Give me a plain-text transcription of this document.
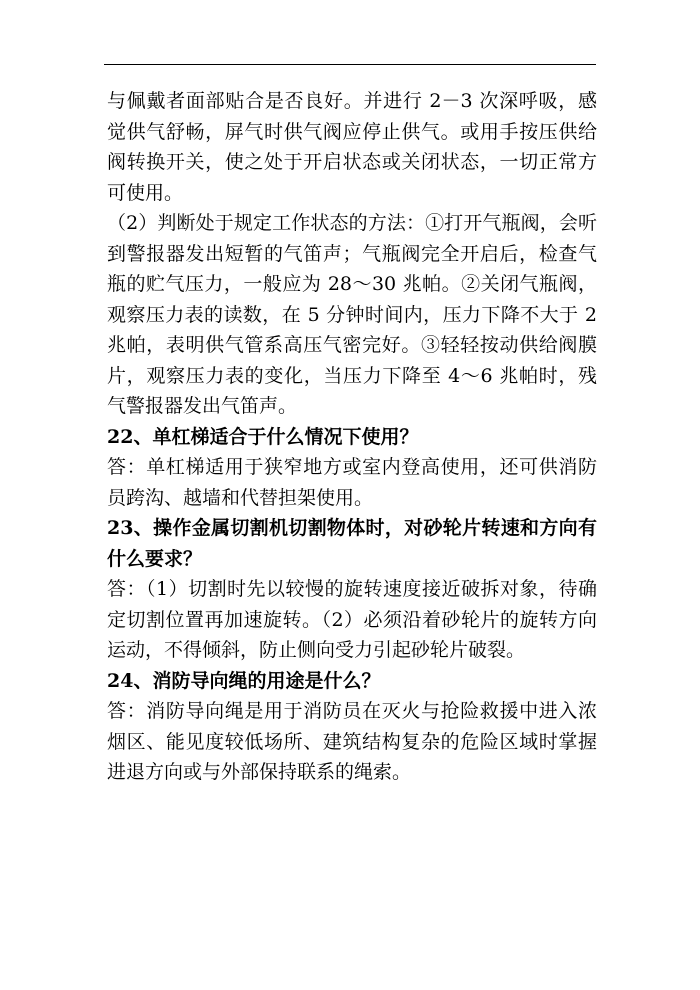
与佩戴者面部贴合是否良好。并进行 2－3 次深呼吸，感觉供气舒畅，屏气时供气阀应停止供气。或用手按压供给阀转换开关，使之处于开启状态或关闭状态，一切正常方可使用。

（2）判断处于规定工作状态的方法：①打开气瓶阀，会听到警报器发出短暂的气笛声；气瓶阀完全开启后，检查气瓶的贮气压力，一般应为 28～30 兆帕。②关闭气瓶阀，观察压力表的读数，在 5 分钟时间内，压力下降不大于 2 兆帕，表明供气管系高压气密完好。③轻轻按动供给阀膜片，观察压力表的变化，当压力下降至 4～6 兆帕时，残气警报器发出气笛声。

22、单杠梯适合于什么情况下使用？

答：单杠梯适用于狭窄地方或室内登高使用，还可供消防员跨沟、越墙和代替担架使用。

23、操作金属切割机切割物体时，对砂轮片转速和方向有什么要求？

答：（1）切割时先以较慢的旋转速度接近破拆对象，待确定切割位置再加速旋转。（2）必须沿着砂轮片的旋转方向运动，不得倾斜，防止侧向受力引起砂轮片破裂。

24、消防导向绳的用途是什么？

答：消防导向绳是用于消防员在灭火与抢险救援中进入浓烟区、能见度较低场所、建筑结构复杂的危险区域时掌握进退方向或与外部保持联系的绳索。
